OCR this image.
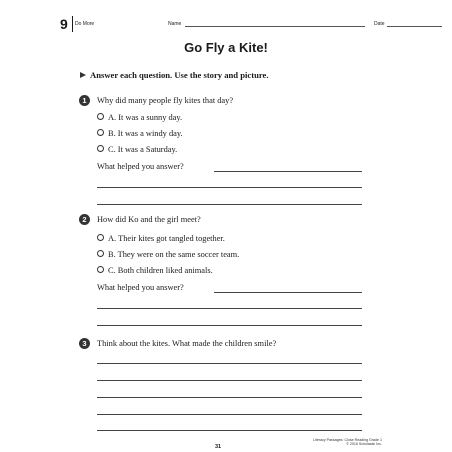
9 Do More	Name	Date
Go Fly a Kite!
Answer each question. Use the story and picture.
1	Why did many people fly kites that day?
A. It was a sunny day.
B. It was a windy day.
C. It was a Saturday.
What helped you answer?
2	How did Ko and the girl meet?
A. Their kites got tangled together.
B. They were on the same soccer team.
C. Both children liked animals.
What helped you answer?
3	Think about the kites. What made the children smile?
31
Literacy Passages: Close Reading Grade 1
© 2016 Scholastic Inc.
